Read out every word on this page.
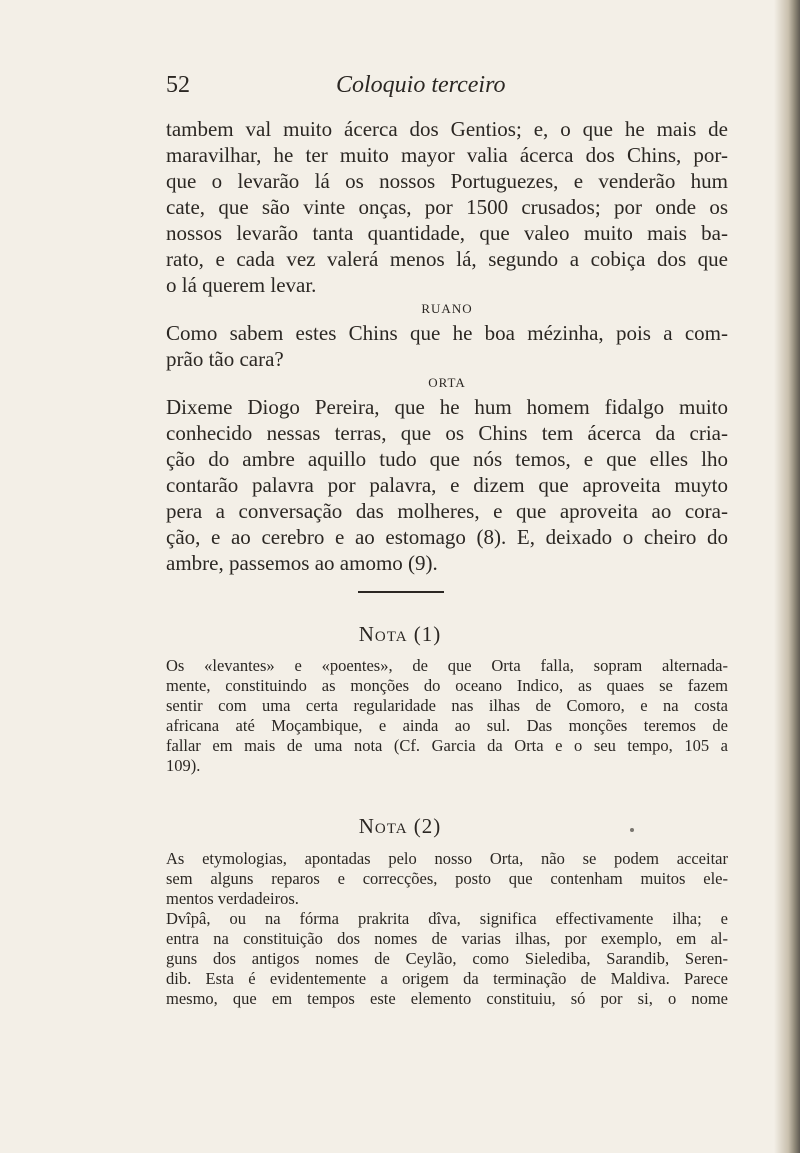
52	Coloquio terceiro
tambem val muito ácerca dos Gentios; e, o que he mais de
maravilhar, he ter muito mayor valia ácerca dos Chins, por-
que o levarão lá os nossos Portuguezes, e venderão hum
cate, que são vinte onças, por 1500 crusados; por onde os
nossos levarão tanta quantidade, que valeo muito mais ba-
rato, e cada vez valerá menos lá, segundo a cobiça dos que
o lá querem levar.
RUANO
Como sabem estes Chins que he boa mézinha, pois a com-
prão tão cara?
ORTA
Dixeme Diogo Pereira, que he hum homem fidalgo muito
conhecido nessas terras, que os Chins tem ácerca da cria-
ção do ambre aquillo tudo que nós temos, e que elles lho
contarão palavra por palavra, e dizem que aproveita muyto
pera a conversação das molheres, e que aproveita ao cora-
ção, e ao cerebro e ao estomago (8). E, deixado o cheiro do
ambre, passemos ao amomo (9).
Nota (1)
Os «levantes» e «poentes», de que Orta falla, sopram alternada-
mente, constituindo as monções do oceano Indico, as quaes se fazem
sentir com uma certa regularidade nas ilhas de Comoro, e na costa
africana até Moçambique, e ainda ao sul. Das monções teremos de
fallar em mais de uma nota (Cf. Garcia da Orta e o seu tempo, 105 a
109).
Nota (2)
As etymologias, apontadas pelo nosso Orta, não se podem acceitar
sem alguns reparos e correcções, posto que contenham muitos ele-
mentos verdadeiros.
Dvîpâ, ou na fórma prakrita dîva, significa effectivamente ilha; e
entra na constituição dos nomes de varias ilhas, por exemplo, em al-
guns dos antigos nomes de Ceylão, como Sielediba, Sarandib, Seren-
dib. Esta é evidentemente a origem da terminação de Maldiva. Parece
mesmo, que em tempos este elemento constituiu, só por si, o nome
